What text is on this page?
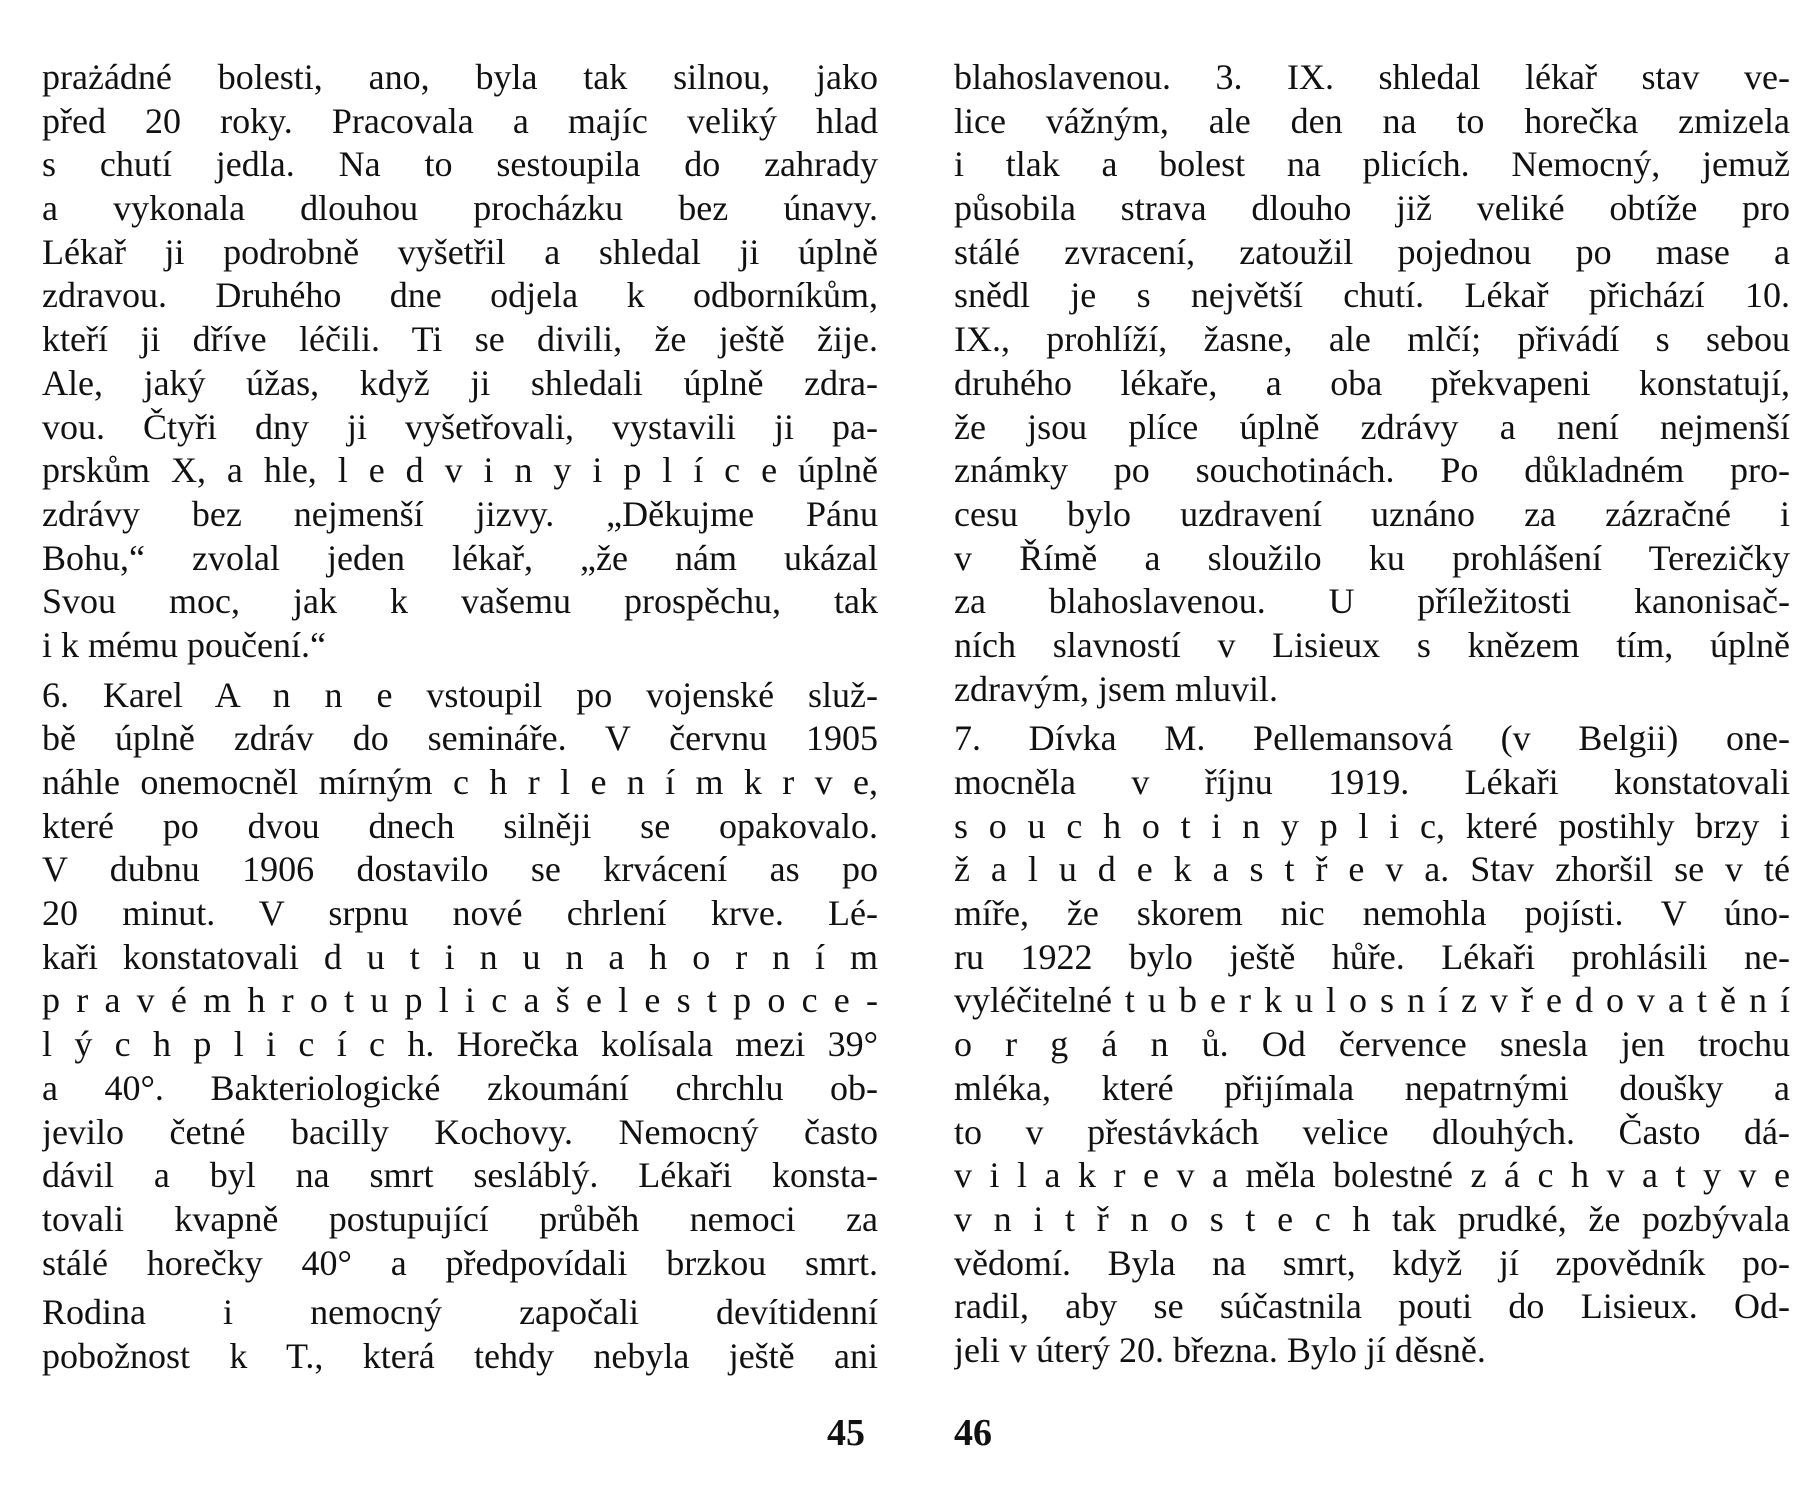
prażádné bolesti, ano, byla tak silnou, jako
před 20 roky. Pracovala a majíc veliký hlad
s chutí jedla. Na to sestoupila do zahrady
a vykonala dlouhou procházku bez únavy.
Lékař ji podrobně vyšetřil a shledal ji úplně
zdravou. Druhého dne odjela k odborníkům,
kteří ji dříve léčili. Ti se divili, že ještě žije.
Ale, jaký úžas, když ji shledali úplně zdra-
vou. Čtyři dny ji vyšetřovali, vystavili ji pa-
prskům X, a hle, l e d v i n y i p l í c e úplně
zdrávy bez nejmenší jizvy. „Děkujme Pánu
Bohu,“ zvolal jeden lékař, „že nám ukázal
Svou moc, jak k vašemu prospěchu, tak
i k mému poučení.“
6. Karel A n n e vstoupil po vojenské služ-
bě úplně zdráv do semináře. V červnu 1905
náhle onemocněl mírným c h r l e n í m k r v e,
které po dvou dnech silněji se opakovalo.
V dubnu 1906 dostavilo se krvácení as po
20 minut. V srpnu nové chrlení krve. Lé-
kaři konstatovali d u t i n u n a h o r n í m
p r a v é m h r o t u p l i c a š e l e s t p o c e -
l ý c h p l i c í c h. Horečka kolísala mezi 39°
a 40°. Bakteriologické zkoumání chrchlu ob-
jevilo četné bacilly Kochovy. Nemocný často
dávil a byl na smrt sesláblý. Lékaři konsta-
tovali kvapně postupující průběh nemoci za
stálé horečky 40° a předpovídali brzkou smrt.
Rodina i nemocný započali devítidenní
pobožnost k T., která tehdy nebyla ještě ani
blahoslavenou. 3. IX. shledal lékař stav ve-
lice vážným, ale den na to horečka zmizela
i tlak a bolest na plicích. Nemocný, jemuž
působila strava dlouho již veliké obtíže pro
stálé zvracení, zatoužil pojednou po mase a
snědl je s největší chutí. Lékař přichází 10.
IX., prohlíží, žasne, ale mlčí; přivádí s sebou
druhého lékaře, a oba překvapeni konstatují,
že jsou plíce úplně zdrávy a není nejmenší
známky po souchotinách. Po důkladném pro-
cesu bylo uzdravení uznáno za zázračné i
v Římě a sloužilo ku prohlášení Terezičky
za blahoslavenou. U příležitosti kanonisač-
ních slavností v Lisieux s knězem tím, úplně
zdravým, jsem mluvil.
7. Dívka M. Pellemansová (v Belgii) one-
mocněla v říjnu 1919. Lékaři konstatovali
s o u c h o t i n y p l i c, které postihly brzy i
ž a l u d e k a s t ř e v a. Stav zhoršil se v té
míře, že skorem nic nemohla pojísti. V úno-
ru 1922 bylo ještě hůře. Lékaři prohlásili ne-
vyléčitelné t u b e r k u l o s n í z v ř e d o v a t ě n í
o r g á n ů. Od července snesla jen trochu
mléka, které přijímala nepatrnými doušky a
to v přestávkách velice dlouhých. Často dá-
v i l a k r e v a měla bolestné z á c h v a t y v e
v n i t ř n o s t e c h tak prudké, že pozbývala
vědomí. Byla na smrt, když jí zpovědník po-
radil, aby se súčastnila pouti do Lisieux. Od-
jeli v úterý 20. března. Bylo jí děsně.
45 46
